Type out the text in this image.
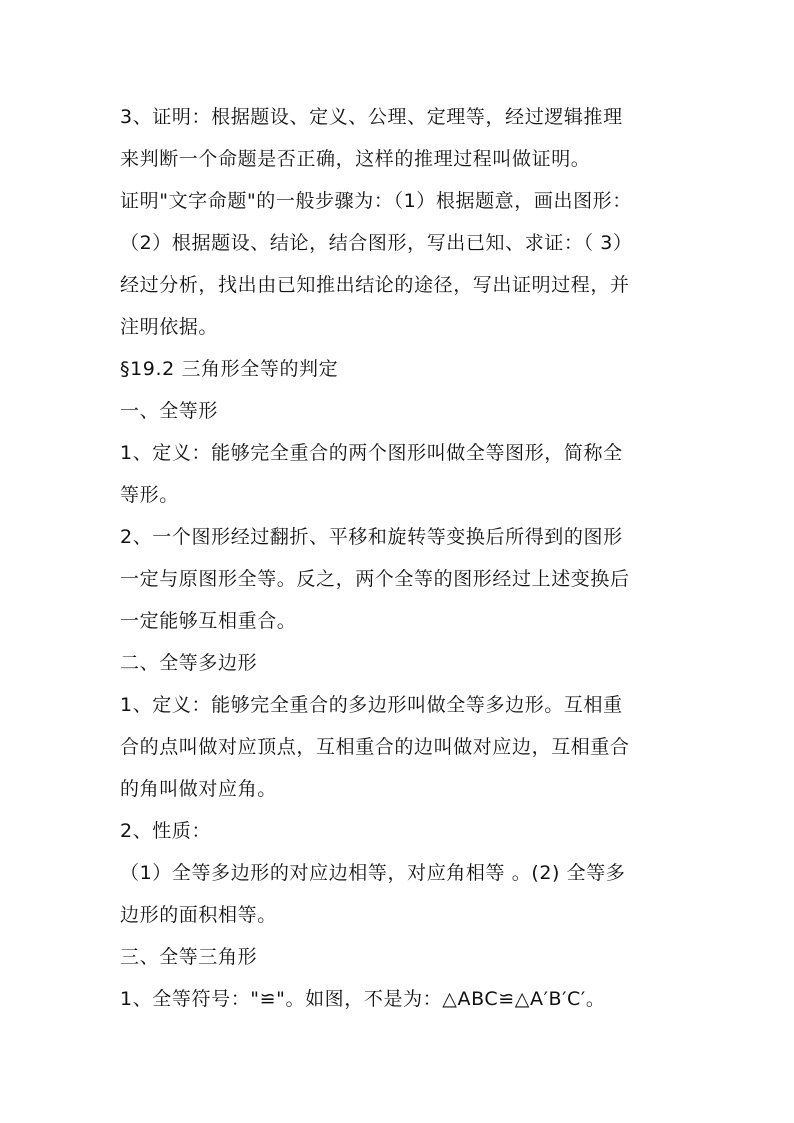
3、证明：根据题设、定义、公理、定理等，经过逻辑推理
来判断一个命题是否正确，这样的推理过程叫做证明。
证明"文字命题"的一般步骤为：（1）根据题意，画出图形：
（2）根据题设、结论，结合图形，写出已知、求证：（ 3）
经过分析，找出由已知推出结论的途径，写出证明过程，并
注明依据。
§19.2 三角形全等的判定
一、全等形
1、定义：能够完全重合的两个图形叫做全等图形，简称全
等形。
2、一个图形经过翻折、平移和旋转等变换后所得到的图形
一定与原图形全等。反之，两个全等的图形经过上述变换后
一定能够互相重合。
二、全等多边形
1、定义：能够完全重合的多边形叫做全等多边形。互相重
合的点叫做对应顶点，互相重合的边叫做对应边，互相重合
的角叫做对应角。
2、性质：
（1）全等多边形的对应边相等，对应角相等 。(2) 全等多
边形的面积相等。
三、全等三角形
1、全等符号："≌"。如图，不是为：△ABC≌△A′B′C′。
